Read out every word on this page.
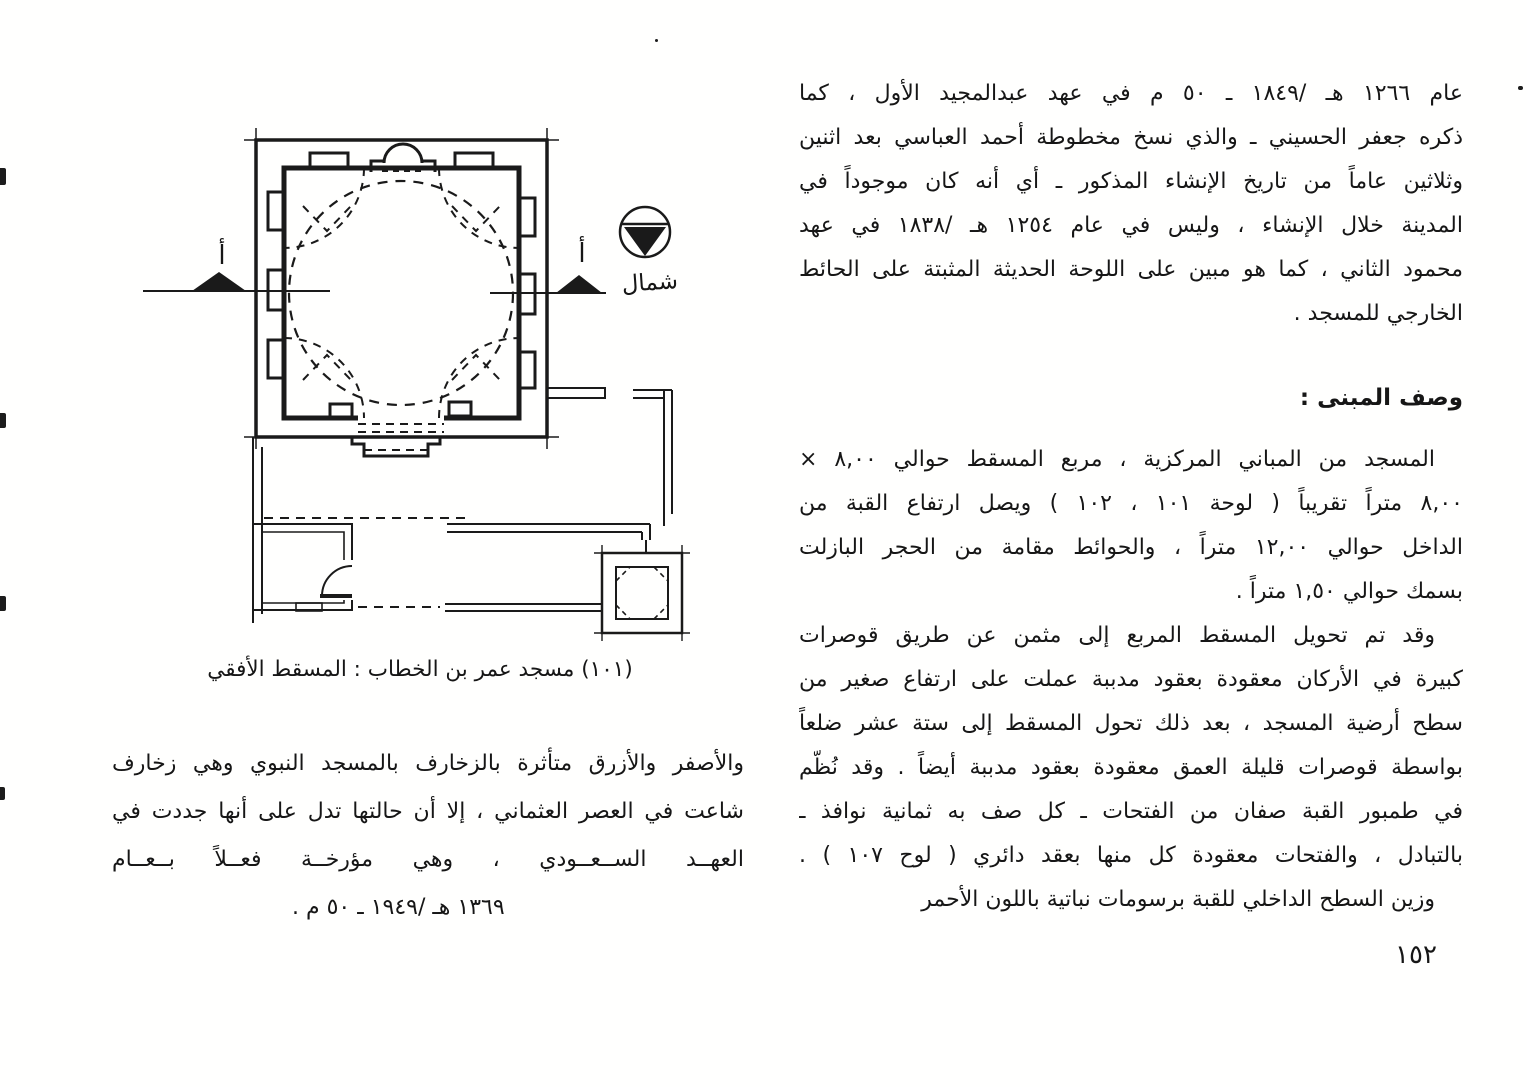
أ	أ
شمال
(١٠١) مسجد عمر بن الخطاب : المسقط الأفقي
عام ١٢٦٦ هـ /١٨٤٩ ـ ٥٠ م في عهد عبدالمجيد الأول ، كما
ذكره جعفر الحسيني ـ والذي نسخ مخطوطة أحمد العباسي بعد اثنين
وثلاثين عاماً من تاريخ الإنشاء المذكور ـ أي أنه كان موجوداً في
المدينة خلال الإنشاء ، وليس في عام ١٢٥٤ هـ /١٨٣٨ في عهد
محمود الثاني ، كما هو مبين على اللوحة الحديثة المثبتة على الحائط
الخارجي للمسجد .
وصف المبنى :
المسجد من المباني المركزية ، مربع المسقط حوالي ٨,٠٠ ×
٨,٠٠ متراً تقريباً ( لوحة ١٠١ ، ١٠٢ ) ويصل ارتفاع القبة من
الداخل حوالي ١٢,٠٠ متراً ، والحوائط مقامة من الحجر البازلت
بسمك حوالي ١,٥٠ متراً .
وقد تم تحويل المسقط المربع إلى مثمن عن طريق قوصرات
كبيرة في الأركان معقودة بعقود مدببة عملت على ارتفاع صغير من
سطح أرضية المسجد ، بعد ذلك تحول المسقط إلى ستة عشر ضلعاً
بواسطة قوصرات قليلة العمق معقودة بعقود مدببة أيضاً . وقد نُظّم
في طمبور القبة صفان من الفتحات ـ كل صف به ثمانية نوافذ ـ
بالتبادل ، والفتحات معقودة كل منها بعقد دائري ( لوح ١٠٧ ) .
وزين السطح الداخلي للقبة برسومات نباتية باللون الأحمر
والأصفر والأزرق متأثرة بالزخارف بالمسجد النبوي وهي زخارف
شاعت في العصر العثماني ، إلا أن حالتها تدل على أنها جددت في
العهــد الســعــودي ، وهي مؤرخــة فعــلاً بــعــام
١٣٦٩ هـ /١٩٤٩ ـ ٥٠ م .
١٥٢
